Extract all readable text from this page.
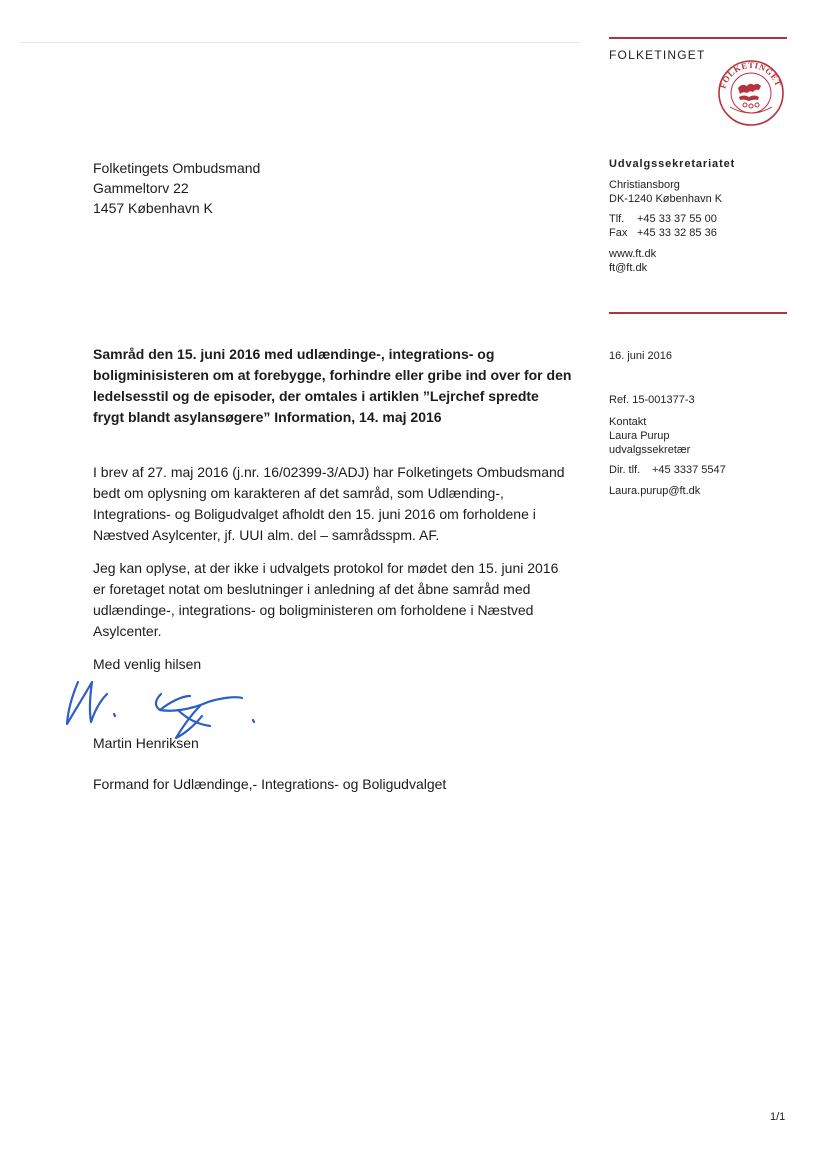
FOLKETINGET
FOLKETINGET
Folketingets Ombudsmand
Gammeltorv 22
1457 København K
Udvalgssekretariatet
Christiansborg
DK-1240 København K
Tlf. +45 33 37 55 00
Fax +45 33 32 85 36
www.ft.dk
ft@ft.dk
16. juni 2016
Ref. 15-001377-3
Kontakt
Laura Purup
udvalgssekretær
Dir. tlf. +45 3337 5547
Laura.purup@ft.dk
Samråd den 15. juni 2016 med udlændinge-, integrations- og boligminisisteren om at forebygge, forhindre eller gribe ind over for den ledelsesstil og de episoder, der omtales i artiklen ”Lejrchef spredte frygt blandt asylansøgere” Information, 14. maj 2016
I brev af 27. maj 2016 (j.nr. 16/02399-3/ADJ) har Folketingets Ombudsmand bedt om oplysning om karakteren af det samråd, som Udlænding-, Integrations- og Boligudvalget afholdt den 15. juni 2016 om forholdene i Næstved Asylcenter, jf. UUI alm. del – samrådsspm. AF.
Jeg kan oplyse, at der ikke i udvalgets protokol for mødet den 15. juni 2016 er foretaget notat om beslutninger i anledning af det åbne samråd med udlændinge-, integrations- og boligministeren om forholdene i Næstved Asylcenter.
Med venlig hilsen
Martin Henriksen
Formand for Udlændinge,- Integrations- og Boligudvalget
1/1
